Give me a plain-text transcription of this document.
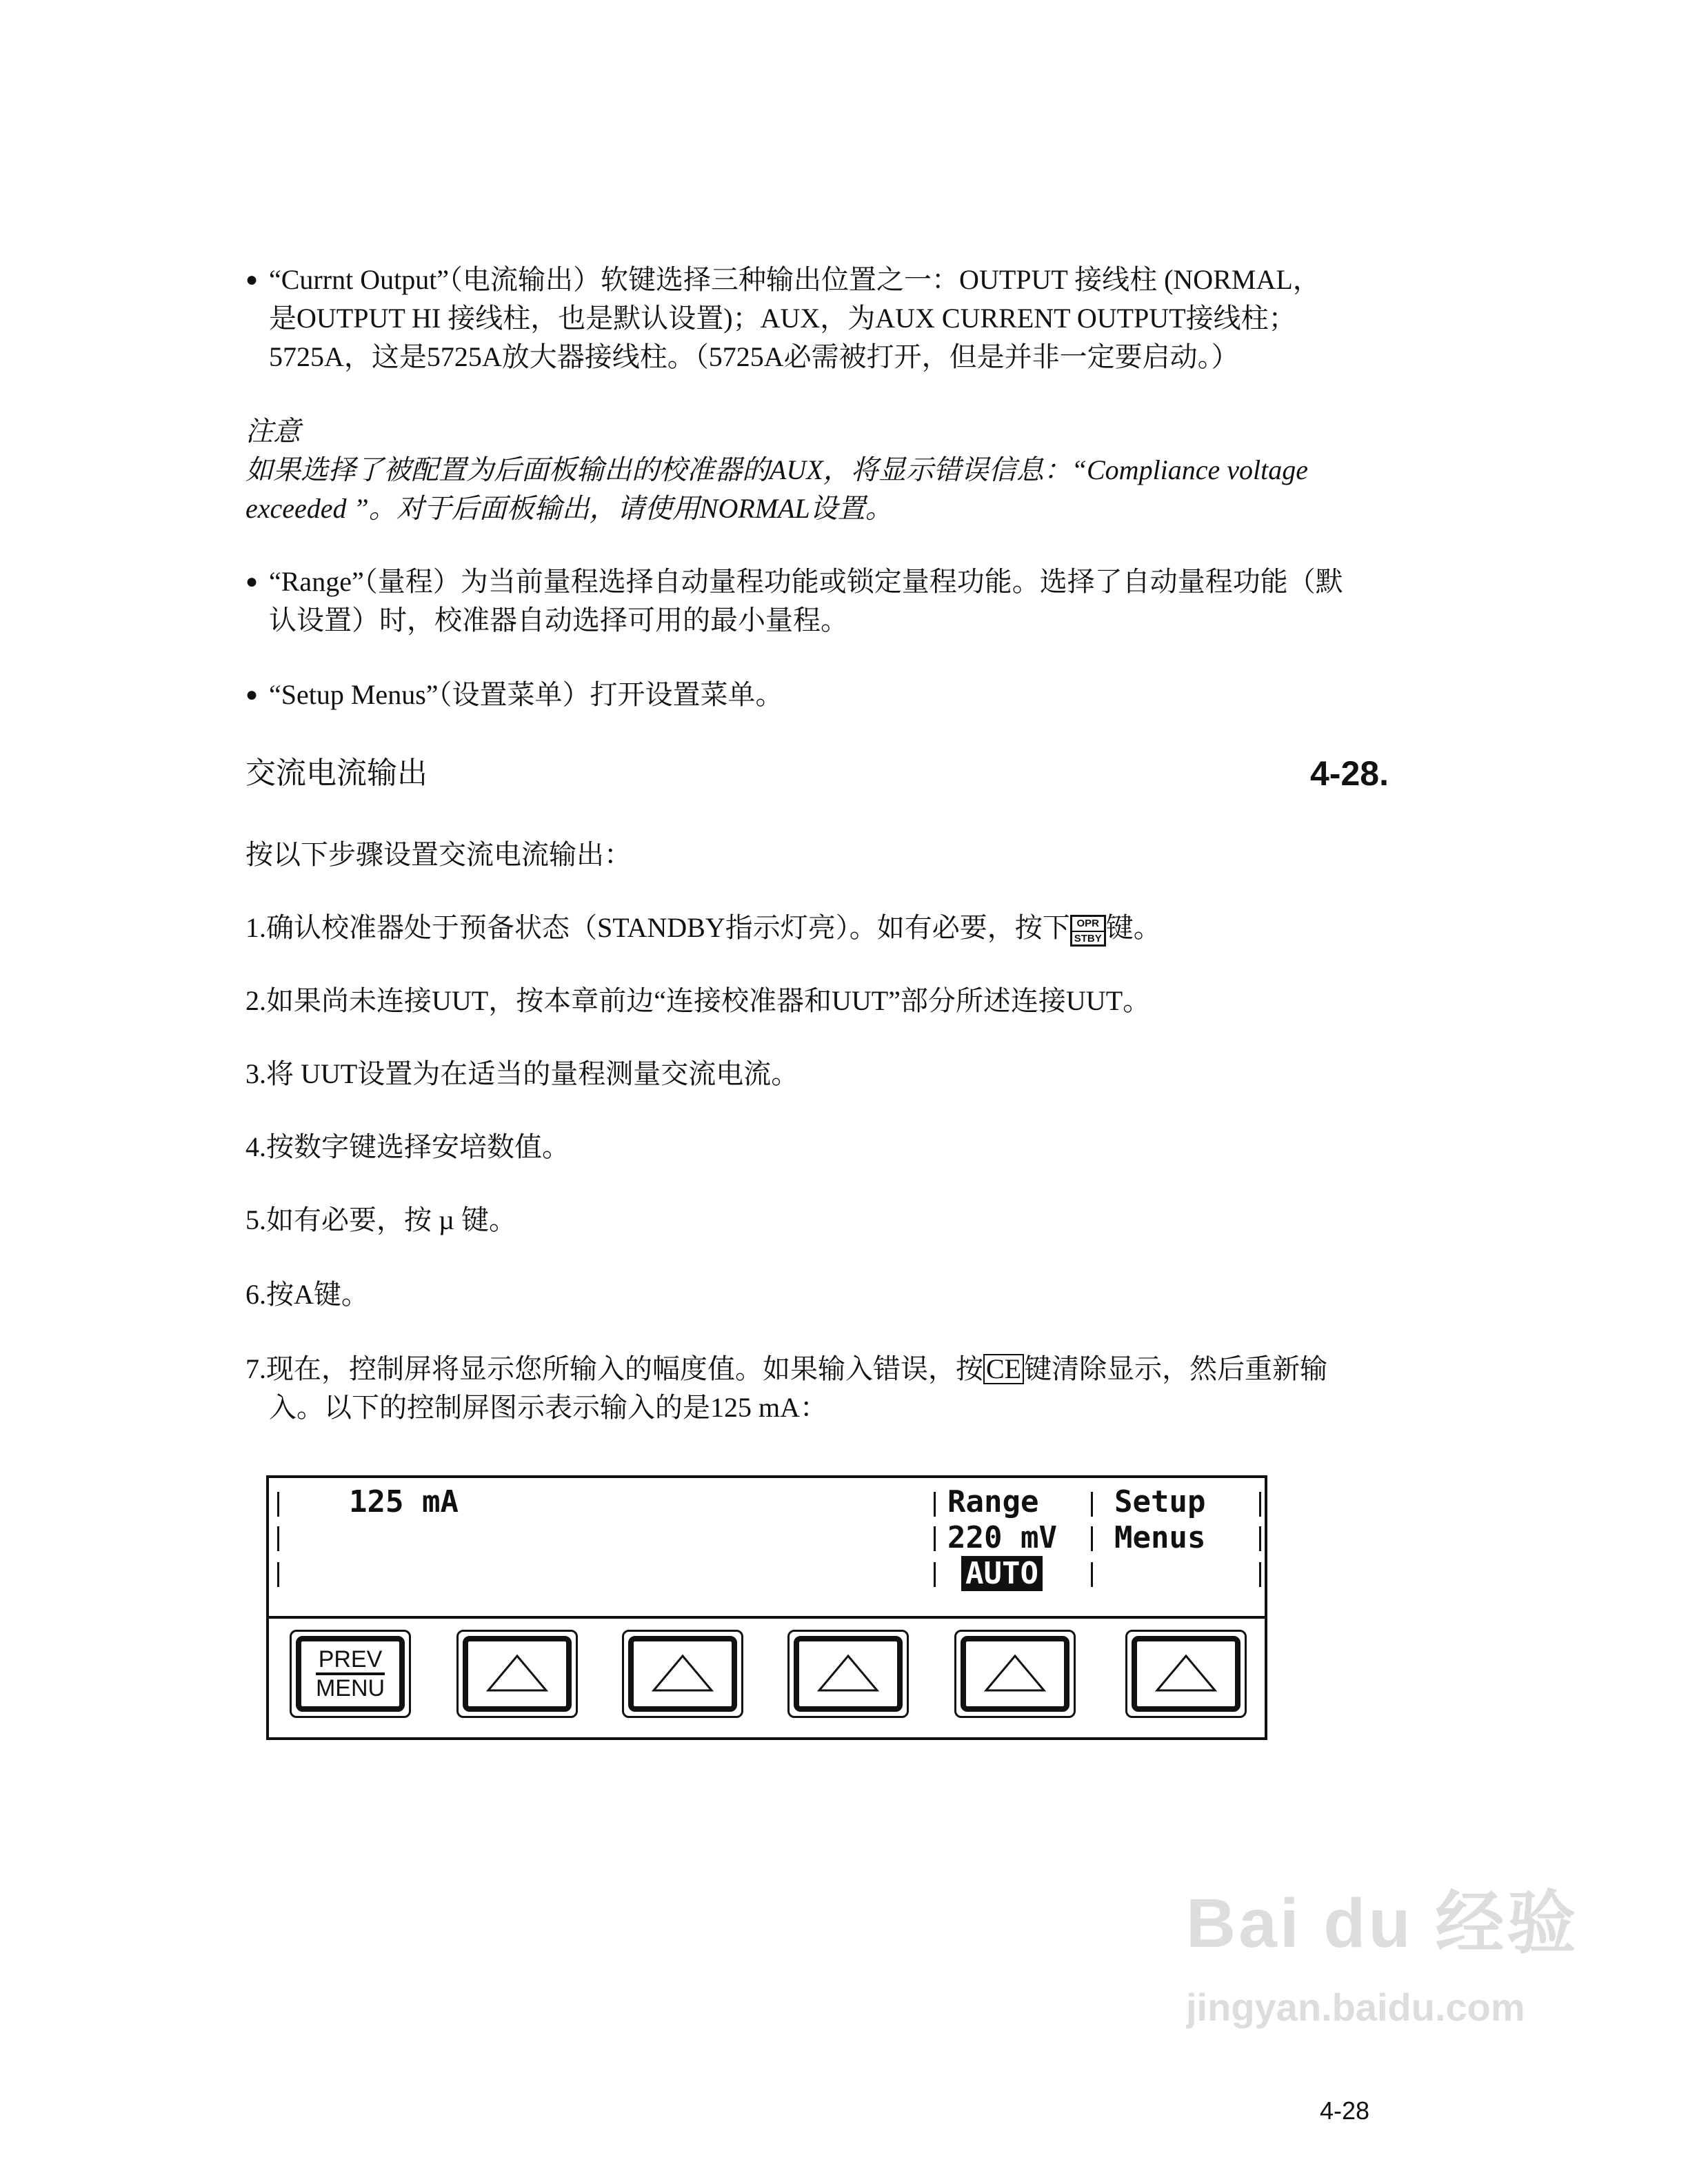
● “Currnt Output”（电流输出）软键选择三种输出位置之一：OUTPUT 接线柱 (NORMAL，
是OUTPUT HI 接线柱，也是默认设置)；AUX，为AUX CURRENT OUTPUT接线柱；
5725A，这是5725A放大器接线柱。（5725A必需被打开，但是并非一定要启动。）
注意
如果选择了被配置为后面板输出的校准器的AUX，将显示错误信息：“Compliance voltage
exceeded ”。对于后面板输出，请使用NORMAL设置。
● “Range”（量程）为当前量程选择自动量程功能或锁定量程功能。选择了自动量程功能（默
认设置）时，校准器自动选择可用的最小量程。
● “Setup Menus”（设置菜单）打开设置菜单。
交流电流输出	4-28.
按以下步骤设置交流电流输出：
1.确认校准器处于预备状态（STANDBY指示灯亮）。如有必要，按下 OPR
STBY 键。
2.如果尚未连接UUT，按本章前边“连接校准器和UUT”部分所述连接UUT。
3.将 UUT设置为在适当的量程测量交流电流。
4.按数字键选择安培数值。
5.如有必要，按 µ 键。
6.按A键。
7.现在，控制屏将显示您所输入的幅度值。如果输入错误，按 CE 键清除显示，然后重新输
入。以下的控制屏图示表示输入的是125 mA：
125 mA	Range
220 mV
AUTO
Setup
Menus
PREV
MENU
Bai du 经验
jingyan.baidu.com
4-28
